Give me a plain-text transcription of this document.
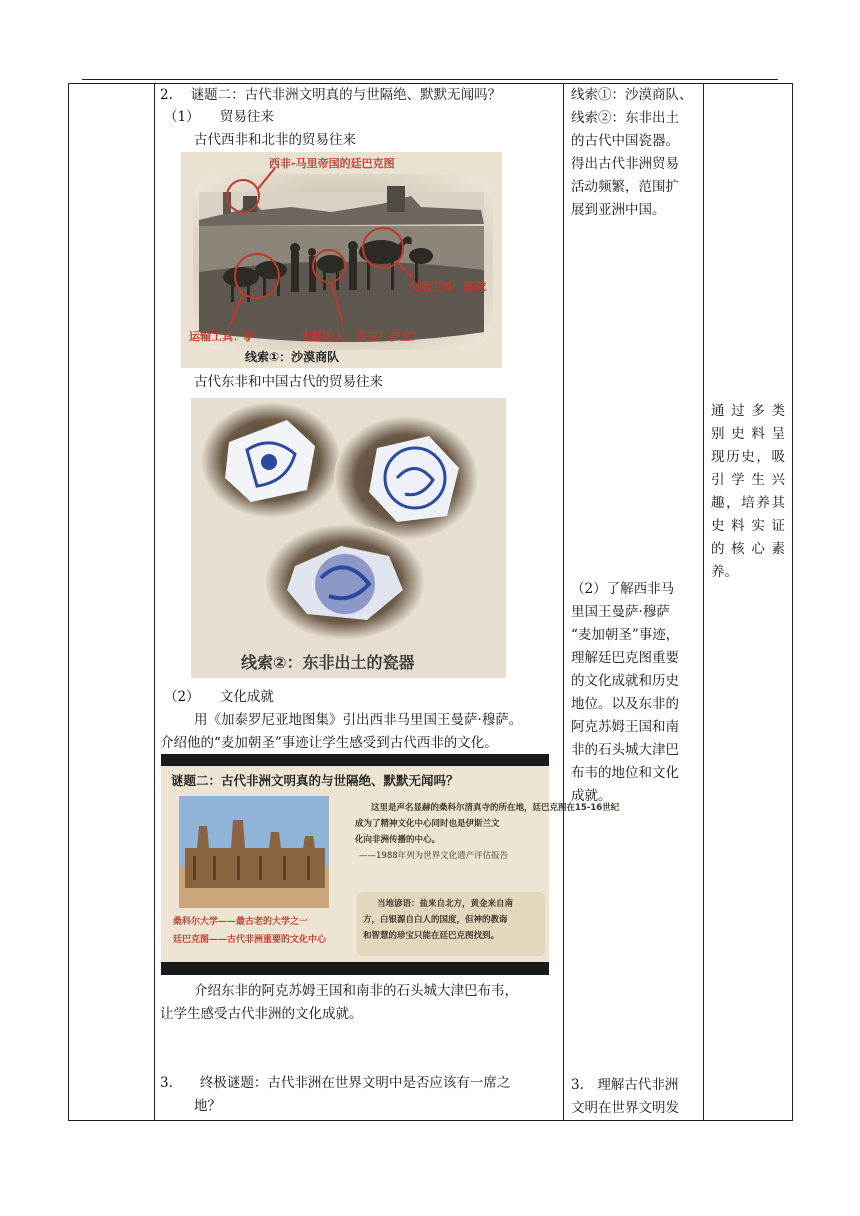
2.　 谜题二：古代非洲文明真的与世隔绝、默默无闻吗？
（1）　　贸易往来
古代西非和北非的贸易往来
西非-马里帝国的廷巴克图
交通工具：骆驼
运输工具：驴	走路的人：奴隶？护卫？
线索①：沙漠商队
古代东非和中国古代的贸易往来
线索②：东非出土的瓷器
（2）　　文化成就
用《加泰罗尼亚地图集》引出西非马里国王曼萨·穆萨。
介绍他的“麦加朝圣”事迹让学生感受到古代西非的文化。
谜题二：古代非洲文明真的与世隔绝、默默无闻吗？
这里是声名显赫的桑科尔清真寺的所在地，廷巴克图在15-16世纪
成为了精神文化中心同时也是伊斯兰文
化向非洲传播的中心。
——1988年列为世界文化遗产评估报告
当地谚语：盐来自北方，黄金来自南
方，白银源自白人的国度，但神的教诲
和智慧的珍宝只能在廷巴克图找到。
桑科尔大学——最古老的大学之一
廷巴克图——古代非洲重要的文化中心
介绍东非的阿克苏姆王国和南非的石头城大津巴布韦，
让学生感受古代非洲的文化成就。
3.　　终极谜题：古代非洲在世界文明中是否应该有一席之
地？
线索①：沙漠商队、
线索②：东非出土
的古代中国瓷器。
得出古代非洲贸易
活动频繁，范围扩
展到亚洲中国。
（2）了解西非马
里国王曼萨·穆萨
“麦加朝圣”事迹，
理解廷巴克图重要
的文化成就和历史
地位。以及东非的
阿克苏姆王国和南
非的石头城大津巴
布韦的地位和文化
成就。
3.　理解古代非洲
文明在世界文明发
通过多类
别史料呈
现历史，吸
引学生兴
趣，培养其
史料实证
的核心素
养。
